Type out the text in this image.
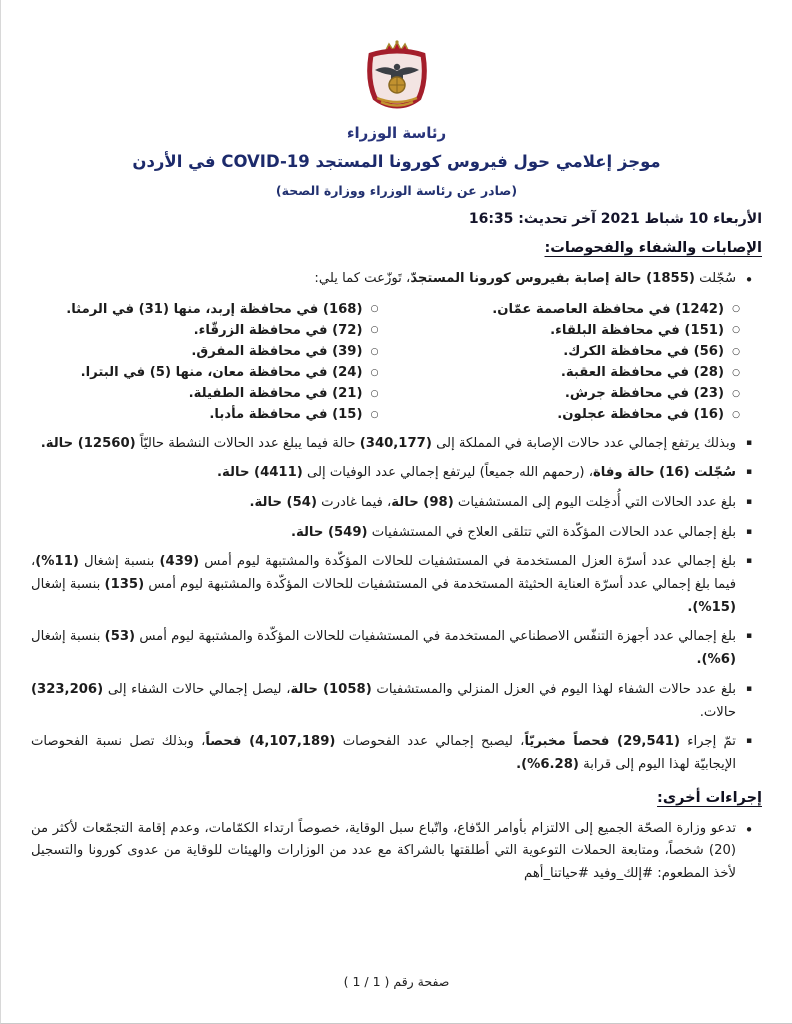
رئاسة الوزراء
موجز إعلامي حول فيروس كورونا المستجد COVID-19 في الأردن
(صادر عن رئاسة الوزراء ووزارة الصحة)
الأربعاء 10 شباط 2021 آخر تحديث: 16:35
الإصابات والشفاء والفحوصات:
•
سُجّلت (1855) حالة إصابة بفيروس كورونا المستجدّ، تَوزّعت كما يلي:
○
(1242) في محافظة العاصمة عمّان.
○
(151) في محافظة البلقاء.
○
(56) في محافظة الكرك.
○
(28) في محافظة العقبة.
○
(23) في محافظة جرش.
○
(16) في محافظة عجلون.
○
(168) في محافظة إربد، منها (31) في الرمثا.
○
(72) في محافظة الزرقّاء.
○
(39) في محافظة المفرق.
○
(24) في محافظة معان، منها (5) في البترا.
○
(21) في محافظة الطفيلة.
○
(15) في محافظة مأدبا.
▪
وبذلك يرتفع إجمالي عدد حالات الإصابة في المملكة إلى (340,177) حالة فيما يبلغ عدد الحالات النشطة حاليّاً (12560) حالة.
▪
سُجّلت (16) حالة وفاة، (رحمهم الله جميعاً) ليرتفع إجمالي عدد الوفيات إلى (4411) حالة.
▪
بلغ عدد الحالات التي أُدخِلت اليوم إلى المستشفيات (98) حالة، فيما غادرت (54) حالة.
▪
بلغ إجمالي عدد الحالات المؤكّدة التي تتلقى العلاج في المستشفيات (549) حالة.
▪
بلغ إجمالي عدد أسرّة العزل المستخدمة في المستشفيات للحالات المؤكّدة والمشتبهة ليوم أمس (439) بنسبة إشغال (11%)، فيما بلغ إجمالي عدد أسرّة العناية الحثيثة المستخدمة في المستشفيات للحالات المؤكّدة والمشتبهة ليوم أمس (135) بنسبة إشغال (15%).
▪
بلغ إجمالي عدد أجهزة التنفّس الاصطناعي المستخدمة في المستشفيات للحالات المؤكّدة والمشتبهة ليوم أمس (53) بنسبة إشغال (6%).
▪
بلغ عدد حالات الشفاء لهذا اليوم في العزل المنزلي والمستشفيات (1058) حالة، ليصل إجمالي حالات الشفاء إلى (323,206) حالات.
▪
تمّ إجراء (29,541) فحصاً مخبريّاً، ليصبح إجمالي عدد الفحوصات (4,107,189) فحصاً، وبذلك تصل نسبة الفحوصات الإيجابيّة لهذا اليوم إلى قرابة (6.28%).
إجراءات أخرى:
•
تدعو وزارة الصحّة الجميع إلى الالتزام بأوامر الدّفاع، واتّباع سبل الوقاية، خصوصاً ارتداء الكمّامات، وعدم إقامة التجمّعات لأكثر من (20) شخصاً، ومتابعة الحملات التوعوية التي أطلقتها بالشراكة مع عدد من الوزارات والهيئات للوقاية من عدوى كورونا والتسجيل لأخذ المطعوم: #إلك_وفيد #حياتنا_أهم
صفحة رقم ( 1 / 1 )
